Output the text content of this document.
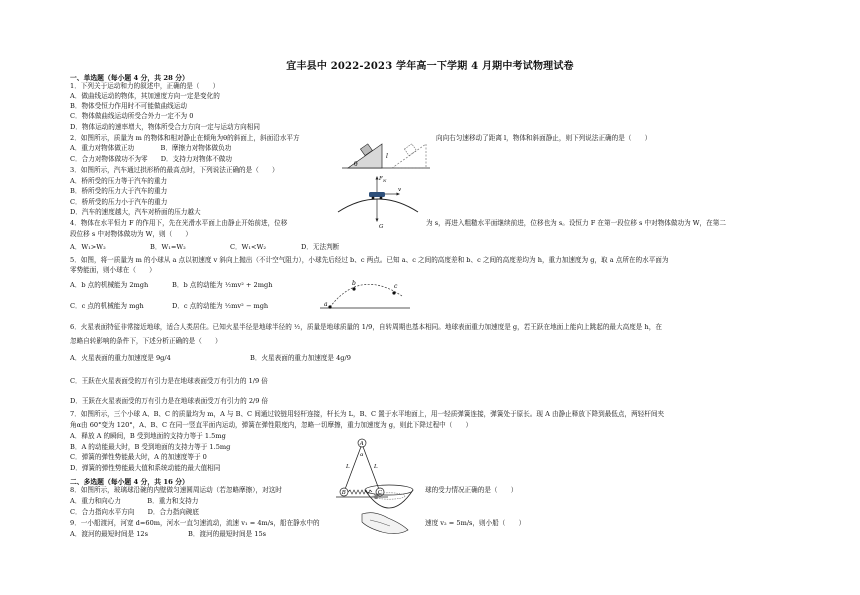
宜丰县中 2022-2023 学年高一下学期 4 月期中考试物理试卷
一、单选题（每小题 4 分，共 28 分）
1．下列关于运动和力的叙述中，正确的是（　　）
A．做曲线运动的物体，其加速度方向一定是变化的
B．物体受恒力作用时不可能做曲线运动
C．物体做曲线运动所受合外力一定不为 0
D．物体运动的速率增大，物体所受合力方向一定与运动方向相同
2．如图所示，质量为 m 的物体和相对静止在倾角为θ的斜面上，斜面沿水平方	向向右匀速移动了距离 l，物体和斜面静止，则下列说法正确的是（　　）
A．重力对物体做正功　　　　B．摩擦力对物体做负功
C．合力对物体做功不为零　　D．支持力对物体不做功
θ
l
3．如图所示，汽车通过拱形桥的最高点时，下列说法正确的是（　　）
A．桥所受的压力等于汽车的重力
B．桥所受的压力大于汽车的重力
C．桥所受的压力小于汽车的重力
D．汽车的速度越大，汽车对桥面的压力越大
F N
v
G
4．物体在水平恒力 F 的作用下，先在光滑水平面上由静止开始前进，位移	为 s，再进入粗糙水平面继续前进，位移也为 s。设恒力 F 在第一段位移 s 中对物体做功为 W，在第二
段位移 s 中对物体做功为 W，则（　　）
A．W₁>W₂	B．W₁=W₂	C．W₁<W₂	D．无法判断
5．如图，将一质量为 m 的小球从 a 点以初速度 v 斜向上抛出（不计空气阻力），小球先后经过 b、c 两点。已知 a、c 之间的高度差和 b、c 之间的高度差均为 h，重力加速度为 g，取 a 点所在的水平面为
零势能面，则小球在（　　）
A．b 点的机械能为 2mgh	B．b 点的动能为 ½mv² + 2mgh
C．c 点的机械能为 mgh	D．c 点的动能为 ½mv² − mgh	a
b	c
6．火星表面特征非常接近地球，适合人类居住。已知火星半径是地球半径的 ½，质量是地球质量的 1/9，自转周期也基本相同。地球表面重力加速度是 g，若王跃在地面上能向上跳起的最大高度是 h，在
忽略自转影响的条件下，下述分析正确的是（　　）
A．火星表面的重力加速度是 9g/4	B．火星表面的重力加速度是 4g/9
C．王跃在火星表面受的万有引力是在地球表面受万有引力的 1/9 倍
D．王跃在火星表面受的万有引力是在地球表面受万有引力的 2/9 倍
7．如图所示，三个小球 A、B、C 的质量均为 m，A 与 B、C 间通过铰链用轻杆连接，杆长为 L，B、C 置于水平地面上，用一轻质弹簧连接，弹簧处于原长。现 A 由静止释放下降到最低点，两轻杆间夹
角α由 60°变为 120°，A、B、C 在同一竖直平面内运动，弹簧在弹性限度内，忽略一切摩擦，重力加速度为 g，则此下降过程中（　　）
A．释放 A 的瞬间，B 受到地面的支持力等于 1.5mg
B．A 的动能最大时，B 受到地面的支持力等于 1.5mg
C．弹簧的弹性势能最大时，A 的加速度等于 0
D．弹簧的弹性势能最大值和系统动能的最大值相同
A
B	C
L	L
α
二、多选题（每小题 4 分，共 16 分）
8．如图所示，玻璃球沿碗的内壁做匀速圆周运动（若忽略摩擦），对这时	球的受力情况正确的是（　　）
A．重力和向心力　　　　B．重力和支持力
C．合力指向水平方向　　D．合力指向碗底
9．一小船渡河，河宽 d=60m，河水一直匀速流动，流速 v₁ = 4m/s，船在静水中的	速度 v₂ = 5m/s，则小船（　　）
A．渡河的最短时间是 12s	B．渡河的最短时间是 15s
